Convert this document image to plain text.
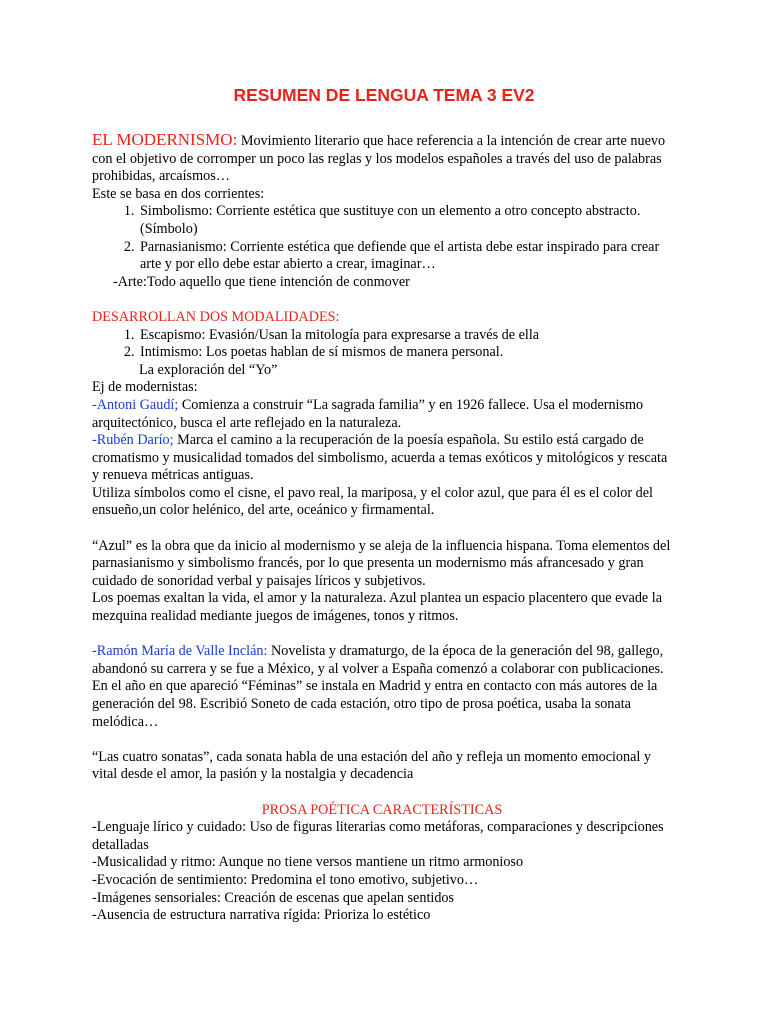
RESUMEN DE LENGUA TEMA 3 EV2

EL MODERNISMO: Movimiento literario que hace referencia a la intención de crear arte nuevo con el objetivo de corromper un poco las reglas y los modelos españoles a través del uso de palabras prohibidas, arcaísmos…

Este se basa en dos corrientes:

1. Simbolismo: Corriente estética que sustituye con un elemento a otro concepto abstracto.(Símbolo)
2. Parnasianismo: Corriente estética que defiende que el artista debe estar inspirado para crear arte y por ello debe estar abierto a crear, imaginar…

-Arte:Todo aquello que tiene intención de conmover

DESARROLLAN DOS MODALIDADES:

1. Escapismo: Evasión/Usan la mitología para expresarse a través de ella
2. Intimismo: Los poetas hablan de sí mismos de manera personal.

La exploración del “Yo”

Ej de modernistas:

-Antoni Gaudí; Comienza a construir “La sagrada familia” y en 1926 fallece. Usa el modernismo arquitectónico, busca el arte reflejado en la naturaleza.

-Rubén Darío; Marca el camino a la recuperación de la poesía española. Su estilo está cargado de cromatismo y musicalidad tomados del simbolismo, acuerda a temas exóticos y mitológicos y rescata y renueva métricas antiguas.

Utiliza símbolos como el cisne, el pavo real, la mariposa, y el color azul, que para él es el color del ensueño,un color helénico, del arte, oceánico y firmamental.

“Azul” es la obra que da inicio al modernismo y se aleja de la influencia hispana. Toma elementos del parnasianismo y simbolismo francés, por lo que presenta un modernismo más afrancesado y gran cuidado de sonoridad verbal y paisajes líricos y subjetivos.

Los poemas exaltan la vida, el amor y la naturaleza. Azul plantea un espacio placentero que evade la mezquina realidad mediante juegos de imágenes, tonos y ritmos.

-Ramón María de Valle Inclán: Novelista y dramaturgo, de la época de la generación del 98, gallego, abandonó su carrera y se fue a México, y al volver a España comenzó a colaborar con publicaciones. En el año en que apareció “Féminas” se instala en Madrid y entra en contacto con más autores de la generación del 98. Escribió Soneto de cada estación, otro tipo de prosa poética, usaba la sonata melódica…

“Las cuatro sonatas”, cada sonata habla de una estación del año y refleja un momento emocional y vital desde el amor, la pasión y la nostalgia y decadencia

PROSA POÉTICA CARACTERÍSTICAS

-Lenguaje lírico y cuidado: Uso de figuras literarias como metáforas, comparaciones y descripciones detalladas

-Musicalidad y ritmo: Aunque no tiene versos mantiene un ritmo armonioso

-Evocación de sentimiento: Predomina el tono emotivo, subjetivo…

-Imágenes sensoriales: Creación de escenas que apelan sentidos

-Ausencia de estructura narrativa rígida: Prioriza lo estético
